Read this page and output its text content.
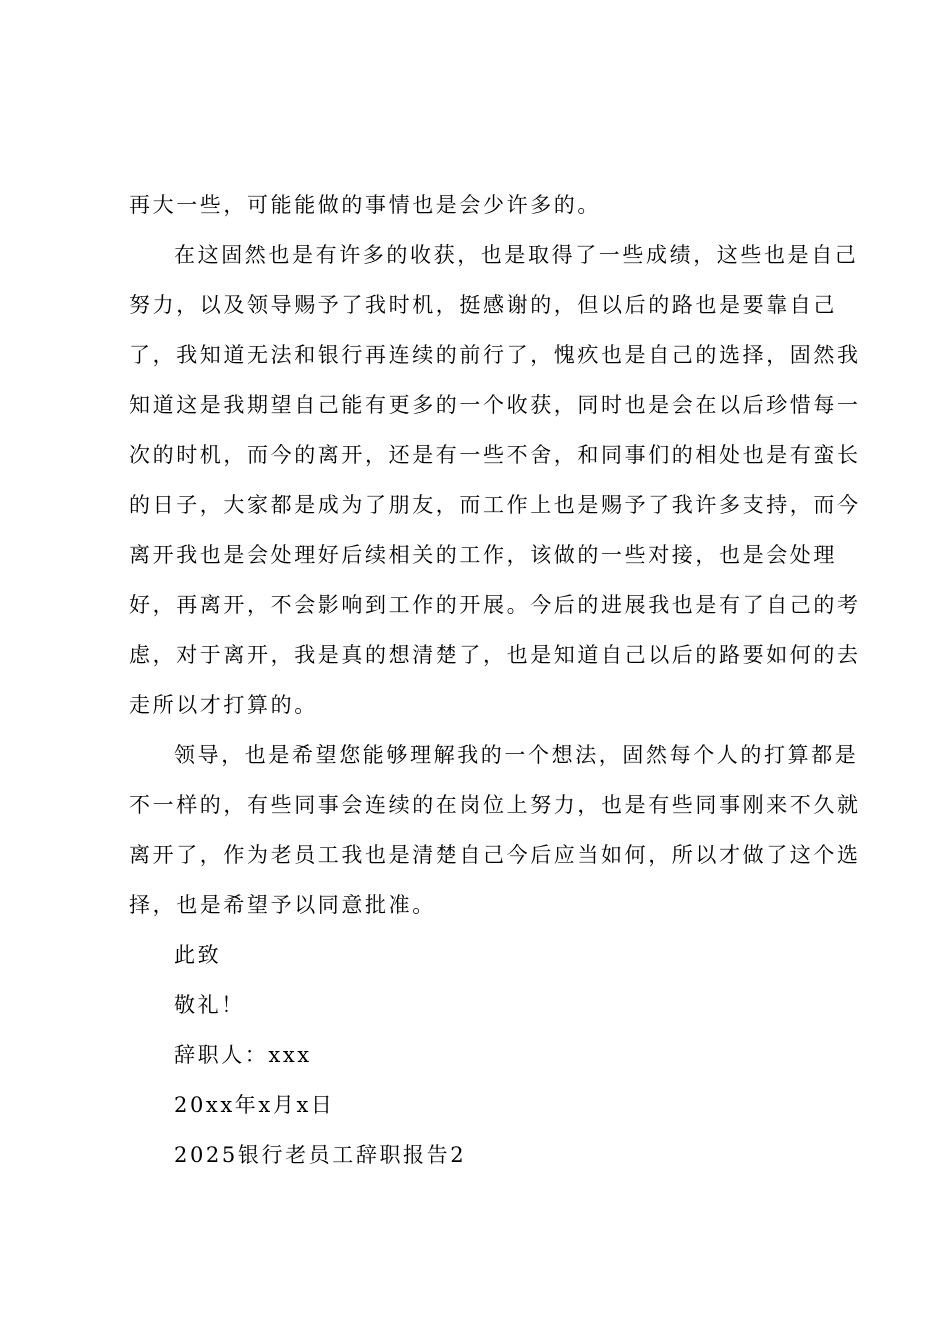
再大一些，可能能做的事情也是会少许多的。
在这固然也是有许多的收获，也是取得了一些成绩，这些也是自己
努力，以及领导赐予了我时机，挺感谢的，但以后的路也是要靠自己
了，我知道无法和银行再连续的前行了，愧疚也是自己的选择，固然我
知道这是我期望自己能有更多的一个收获，同时也是会在以后珍惜每一
次的时机，而今的离开，还是有一些不舍，和同事们的相处也是有蛮长
的日子，大家都是成为了朋友，而工作上也是赐予了我许多支持，而今
离开我也是会处理好后续相关的工作，该做的一些对接，也是会处理
好，再离开，不会影响到工作的开展。今后的进展我也是有了自己的考
虑，对于离开，我是真的想清楚了，也是知道自己以后的路要如何的去
走所以才打算的。
领导，也是希望您能够理解我的一个想法，固然每个人的打算都是
不一样的，有些同事会连续的在岗位上努力，也是有些同事刚来不久就
离开了，作为老员工我也是清楚自己今后应当如何，所以才做了这个选
择，也是希望予以同意批准。
此致
敬礼！
辞职人：xxx
20xx年x月x日
2025银行老员工辞职报告2
